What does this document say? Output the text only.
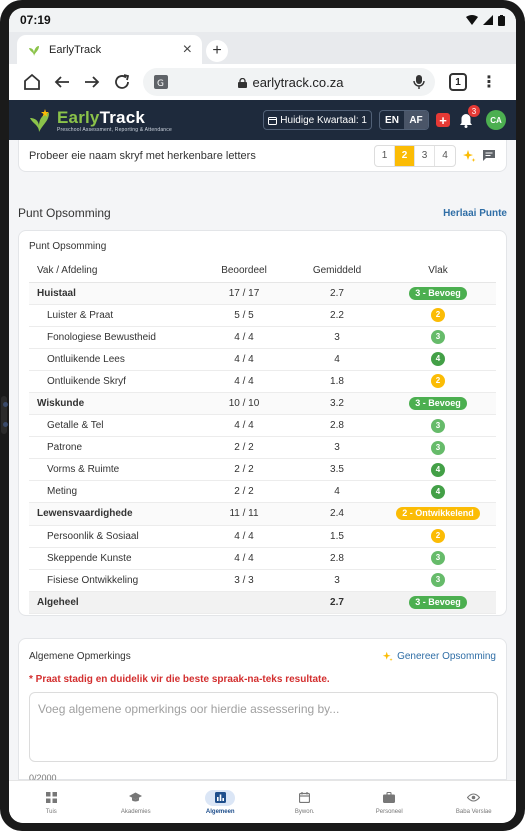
07:19
EarlyTrack	×	+
G	earlytrack.co.za	1	⋮
EarlyTrack
Preschool Assessment, Reporting & Attendance
Huidige Kwartaal: 1	EN	AF	+
3
CA
Probeer eie naam skryf met herkenbare letters	1	2	3	4
Punt Opsomming	Herlaai Punte
Punt Opsomming
Vak / Afdeling	Beoordeel	Gemiddeld	Vlak
Huistaal	17 / 17	2.7	3 - Bevoeg
Luister & Praat	5 / 5	2.2	2
Fonologiese Bewustheid	4 / 4	3	3
Ontluikende Lees	4 / 4	4	4
Ontluikende Skryf	4 / 4	1.8	2
Wiskunde	10 / 10	3.2	3 - Bevoeg
Getalle & Tel	4 / 4	2.8	3
Patrone	2 / 2	3	3
Vorms & Ruimte	2 / 2	3.5	4
Meting	2 / 2	4	4
Lewensvaardighede	11 / 11	2.4	2 - Ontwikkelend
Persoonlik & Sosiaal	4 / 4	1.5	2
Skeppende Kunste	4 / 4	2.8	3
Fisiese Ontwikkeling	3 / 3	3	3
Algeheel		2.7	3 - Bevoeg
Algemene Opmerkings	Genereer Opsomming
* Praat stadig en duidelik vir die beste spraak-na-teks resultate.
Voeg algemene opmerkings oor hierdie assessering by...
0/2000
Tuis	Akademies	Algemeen	Bywon.	Personeel	Baba Verslae
